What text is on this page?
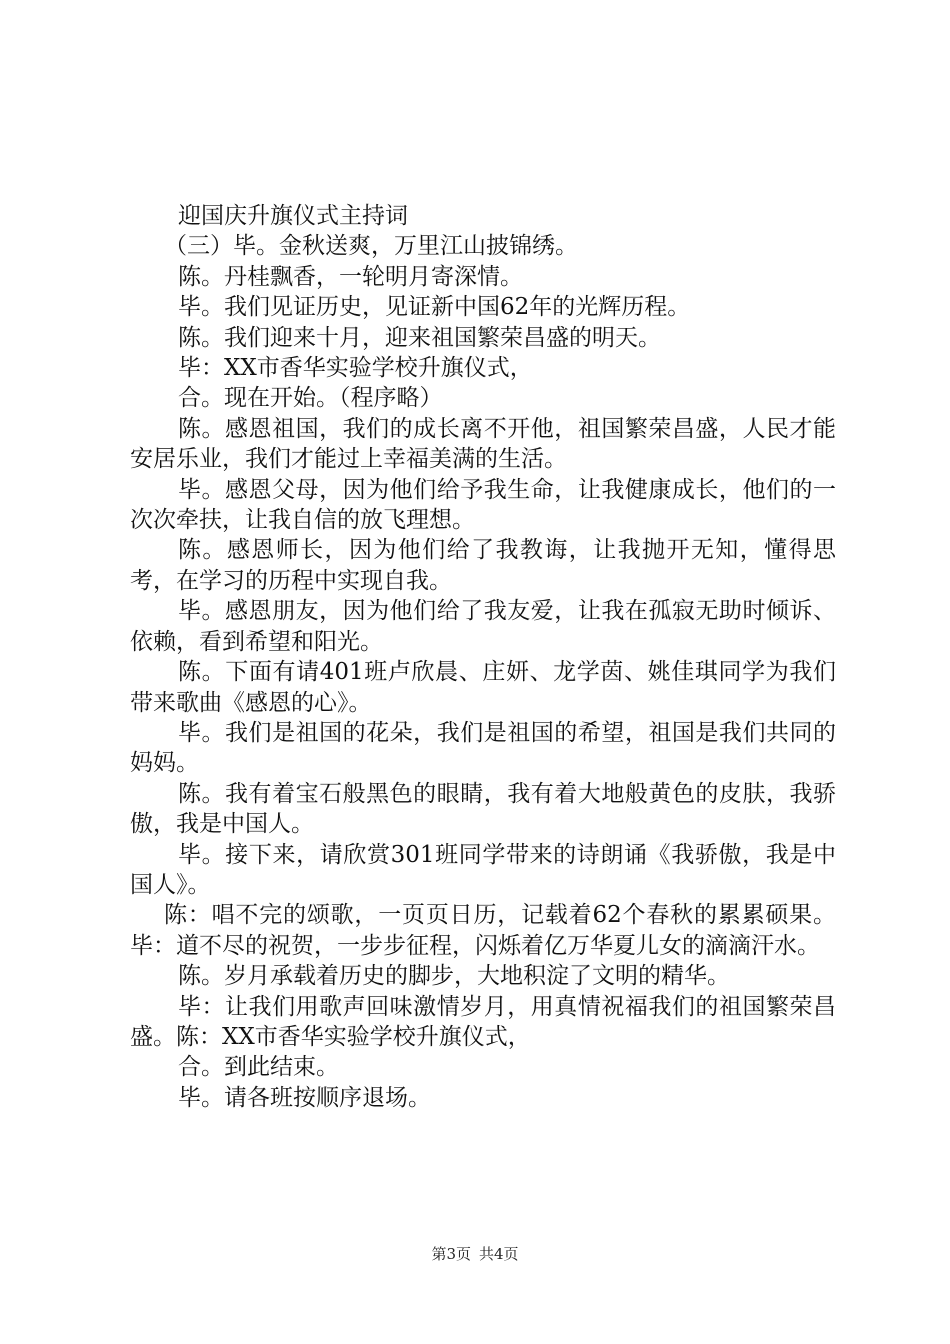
迎国庆升旗仪式主持词

（三）毕。金秋送爽，万里江山披锦绣。

陈。丹桂飘香，一轮明月寄深情。

毕。我们见证历史，见证新中国62年的光辉历程。

陈。我们迎来十月，迎来祖国繁荣昌盛的明天。

毕：XX市香华实验学校升旗仪式，

合。现在开始。（程序略）

陈。感恩祖国，我们的成长离不开他，祖国繁荣昌盛，人民才能安居乐业，我们才能过上幸福美满的生活。

毕。感恩父母，因为他们给予我生命，让我健康成长，他们的一次次牵扶，让我自信的放飞理想。

陈。感恩师长，因为他们给了我教诲，让我抛开无知，懂得思考，在学习的历程中实现自我。

毕。感恩朋友，因为他们给了我友爱，让我在孤寂无助时倾诉、依赖，看到希望和阳光。

陈。下面有请401班卢欣晨、庄妍、龙学茵、姚佳琪同学为我们带来歌曲《感恩的心》。

毕。我们是祖国的花朵，我们是祖国的希望，祖国是我们共同的妈妈。

陈。我有着宝石般黑色的眼睛，我有着大地般黄色的皮肤，我骄傲，我是中国人。

毕。接下来，请欣赏301班同学带来的诗朗诵《我骄傲，我是中国人》。

陈：唱不完的颂歌，一页页日历，记载着62个春秋的累累硕果。毕：道不尽的祝贺，一步步征程，闪烁着亿万华夏儿女的滴滴汗水。

陈。岁月承载着历史的脚步，大地积淀了文明的精华。

毕：让我们用歌声回味激情岁月，用真情祝福我们的祖国繁荣昌盛。陈：XX市香华实验学校升旗仪式，

合。到此结束。

毕。请各班按顺序退场。

第3页 共4页
